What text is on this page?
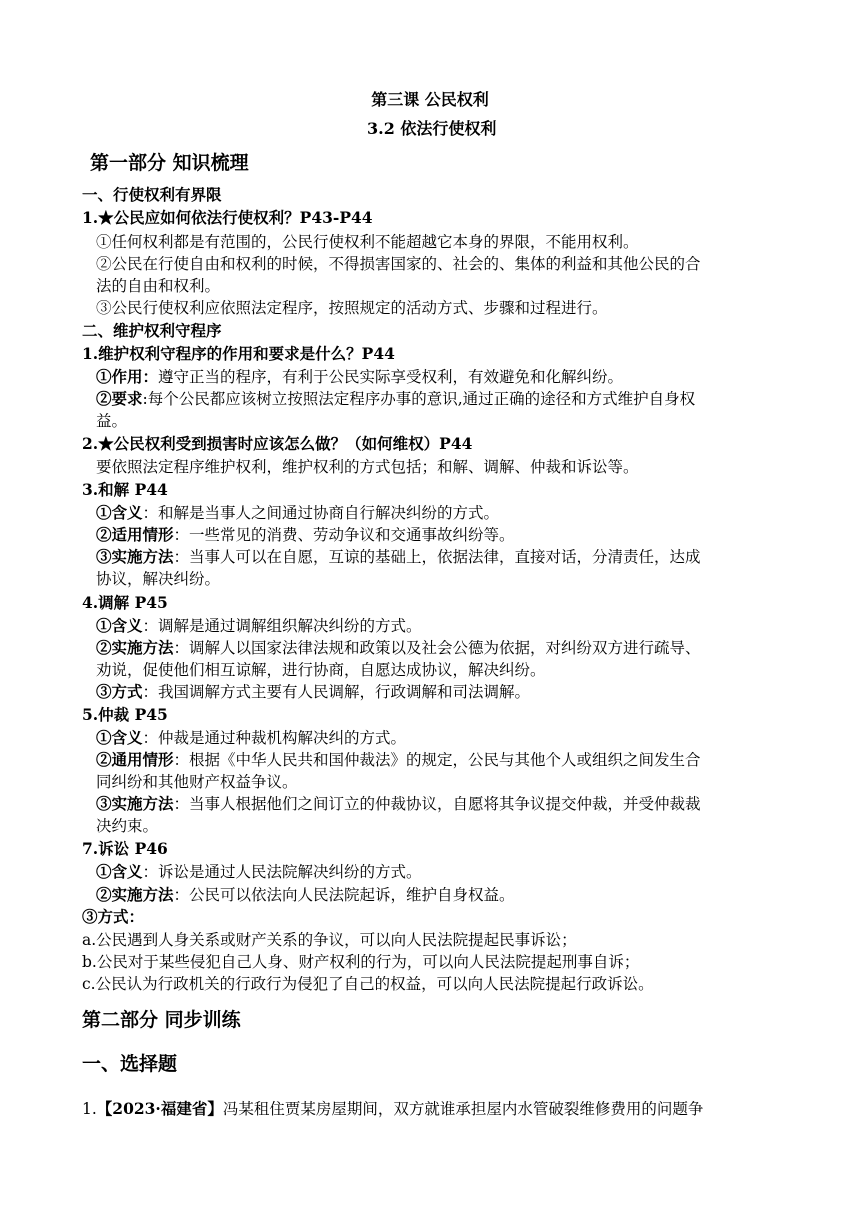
第三课 公民权利
3.2 依法行使权利
第一部分 知识梳理
一、行使权利有界限
1.★公民应如何依法行使权利？P43-P44
①任何权利都是有范围的，公民行使权利不能超越它本身的界限，不能用权利。
②公民在行使自由和权利的时候，不得损害国家的、社会的、集体的利益和其他公民的合
法的自由和权利。
③公民行使权利应依照法定程序，按照规定的活动方式、步骤和过程进行。
二、维护权利守程序
1.维护权利守程序的作用和要求是什么？P44
①作用：遵守正当的程序，有利于公民实际享受权利，有效避免和化解纠纷。
②要求:每个公民都应该树立按照法定程序办事的意识,通过正确的途径和方式维护自身权
益。
2.★公民权利受到损害时应该怎么做？（如何维权）P44
要依照法定程序维护权利，维护权利的方式包括；和解、调解、仲裁和诉讼等。
3.和解 P44
①含义：和解是当事人之间通过协商自行解决纠纷的方式。
②适用情形：一些常见的消费、劳动争议和交通事故纠纷等。
③实施方法：当事人可以在自愿，互谅的基础上，依据法律，直接对话，分清责任，达成
协议，解决纠纷。
4.调解 P45
①含义：调解是通过调解组织解决纠纷的方式。
②实施方法：调解人以国家法律法规和政策以及社会公德为依据，对纠纷双方进行疏导、
劝说，促使他们相互谅解，进行协商，自愿达成协议，解决纠纷。
③方式：我国调解方式主要有人民调解，行政调解和司法调解。
5.仲裁 P45
①含义：仲裁是通过种裁机构解决纠的方式。
②通用情形：根据《中华人民共和国仲裁法》的规定，公民与其他个人或组织之间发生合
同纠纷和其他财产权益争议。
③实施方法：当事人根据他们之间订立的仲裁协议，自愿将其争议提交仲裁，并受仲裁裁
决约束。
7.诉讼 P46
①含义：诉讼是通过人民法院解决纠纷的方式。
②实施方法：公民可以依法向人民法院起诉，维护自身权益。
③方式：
a.公民遇到人身关系或财产关系的争议，可以向人民法院提起民事诉讼；
b.公民对于某些侵犯自己人身、财产权利的行为，可以向人民法院提起刑事自诉；
c.公民认为行政机关的行政行为侵犯了自己的权益，可以向人民法院提起行政诉讼。
第二部分 同步训练
一、选择题
1.【2023·福建省】冯某租住贾某房屋期间，双方就谁承担屋内水管破裂维修费用的问题争
